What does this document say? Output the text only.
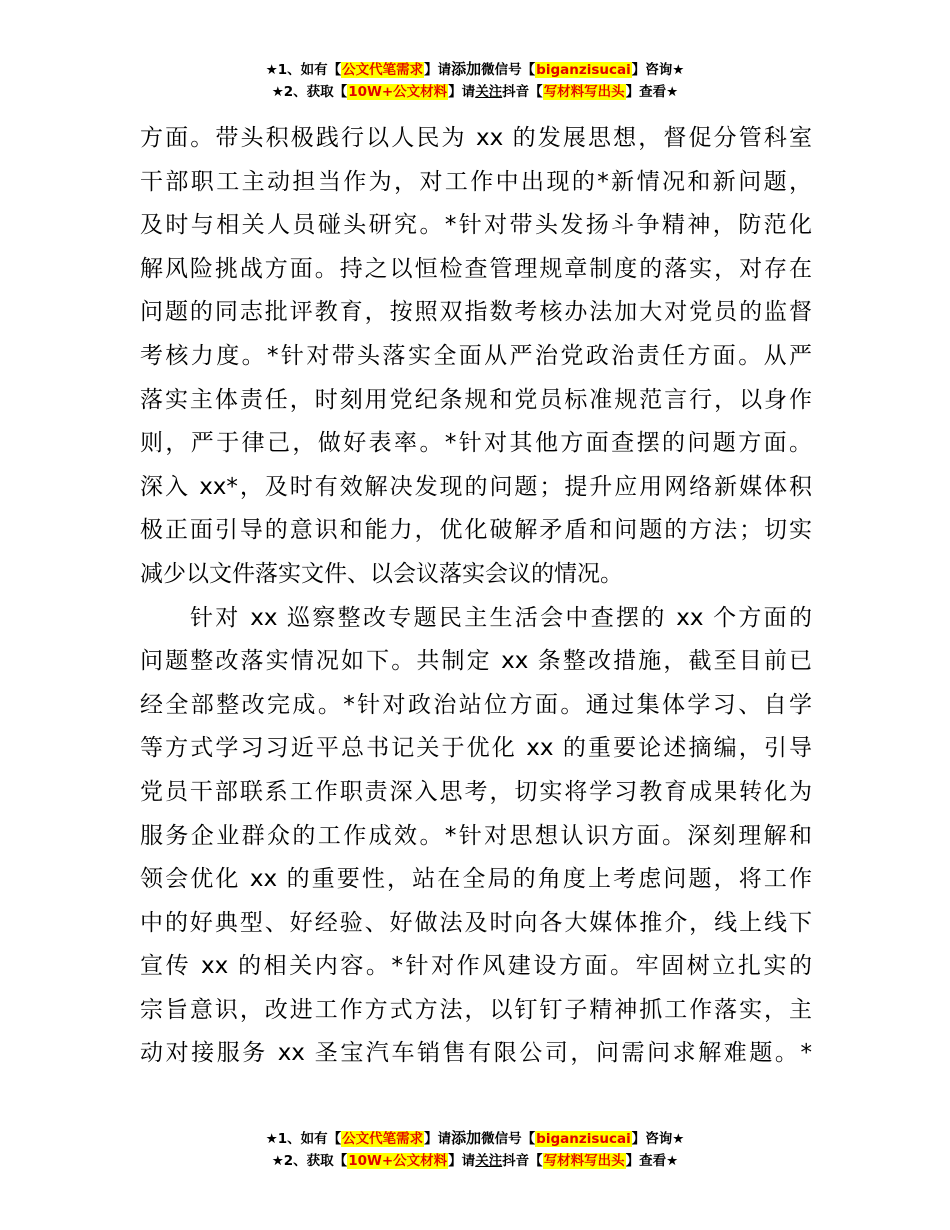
★1、如有【公文代笔需求】请添加微信号【biganzisucai】咨询★
★2、获取【10W+公文材料】请关注抖音【写材料写出头】查看★

方面。带头积极践行以人民为 xx 的发展思想，督促分管科室
干部职工主动担当作为，对工作中出现的*新情况和新问题，
及时与相关人员碰头研究。*针对带头发扬斗争精神，防范化
解风险挑战方面。持之以恒检查管理规章制度的落实，对存在
问题的同志批评教育，按照双指数考核办法加大对党员的监督
考核力度。*针对带头落实全面从严治党政治责任方面。从严
落实主体责任，时刻用党纪条规和党员标准规范言行，以身作
则，严于律己，做好表率。*针对其他方面查摆的问题方面。
深入 xx*，及时有效解决发现的问题；提升应用网络新媒体积
极正面引导的意识和能力，优化破解矛盾和问题的方法；切实
减少以文件落实文件、以会议落实会议的情况。

针对 xx 巡察整改专题民主生活会中查摆的 xx 个方面的
问题整改落实情况如下。共制定 xx 条整改措施，截至目前已
经全部整改完成。*针对政治站位方面。通过集体学习、自学
等方式学习习近平总书记关于优化 xx 的重要论述摘编，引导
党员干部联系工作职责深入思考，切实将学习教育成果转化为
服务企业群众的工作成效。*针对思想认识方面。深刻理解和
领会优化 xx 的重要性，站在全局的角度上考虑问题，将工作
中的好典型、好经验、好做法及时向各大媒体推介，线上线下
宣传 xx 的相关内容。*针对作风建设方面。牢固树立扎实的
宗旨意识，改进工作方式方法，以钉钉子精神抓工作落实，主
动对接服务 xx 圣宝汽车销售有限公司，问需问求解难题。*

★1、如有【公文代笔需求】请添加微信号【biganzisucai】咨询★
★2、获取【10W+公文材料】请关注抖音【写材料写出头】查看★
